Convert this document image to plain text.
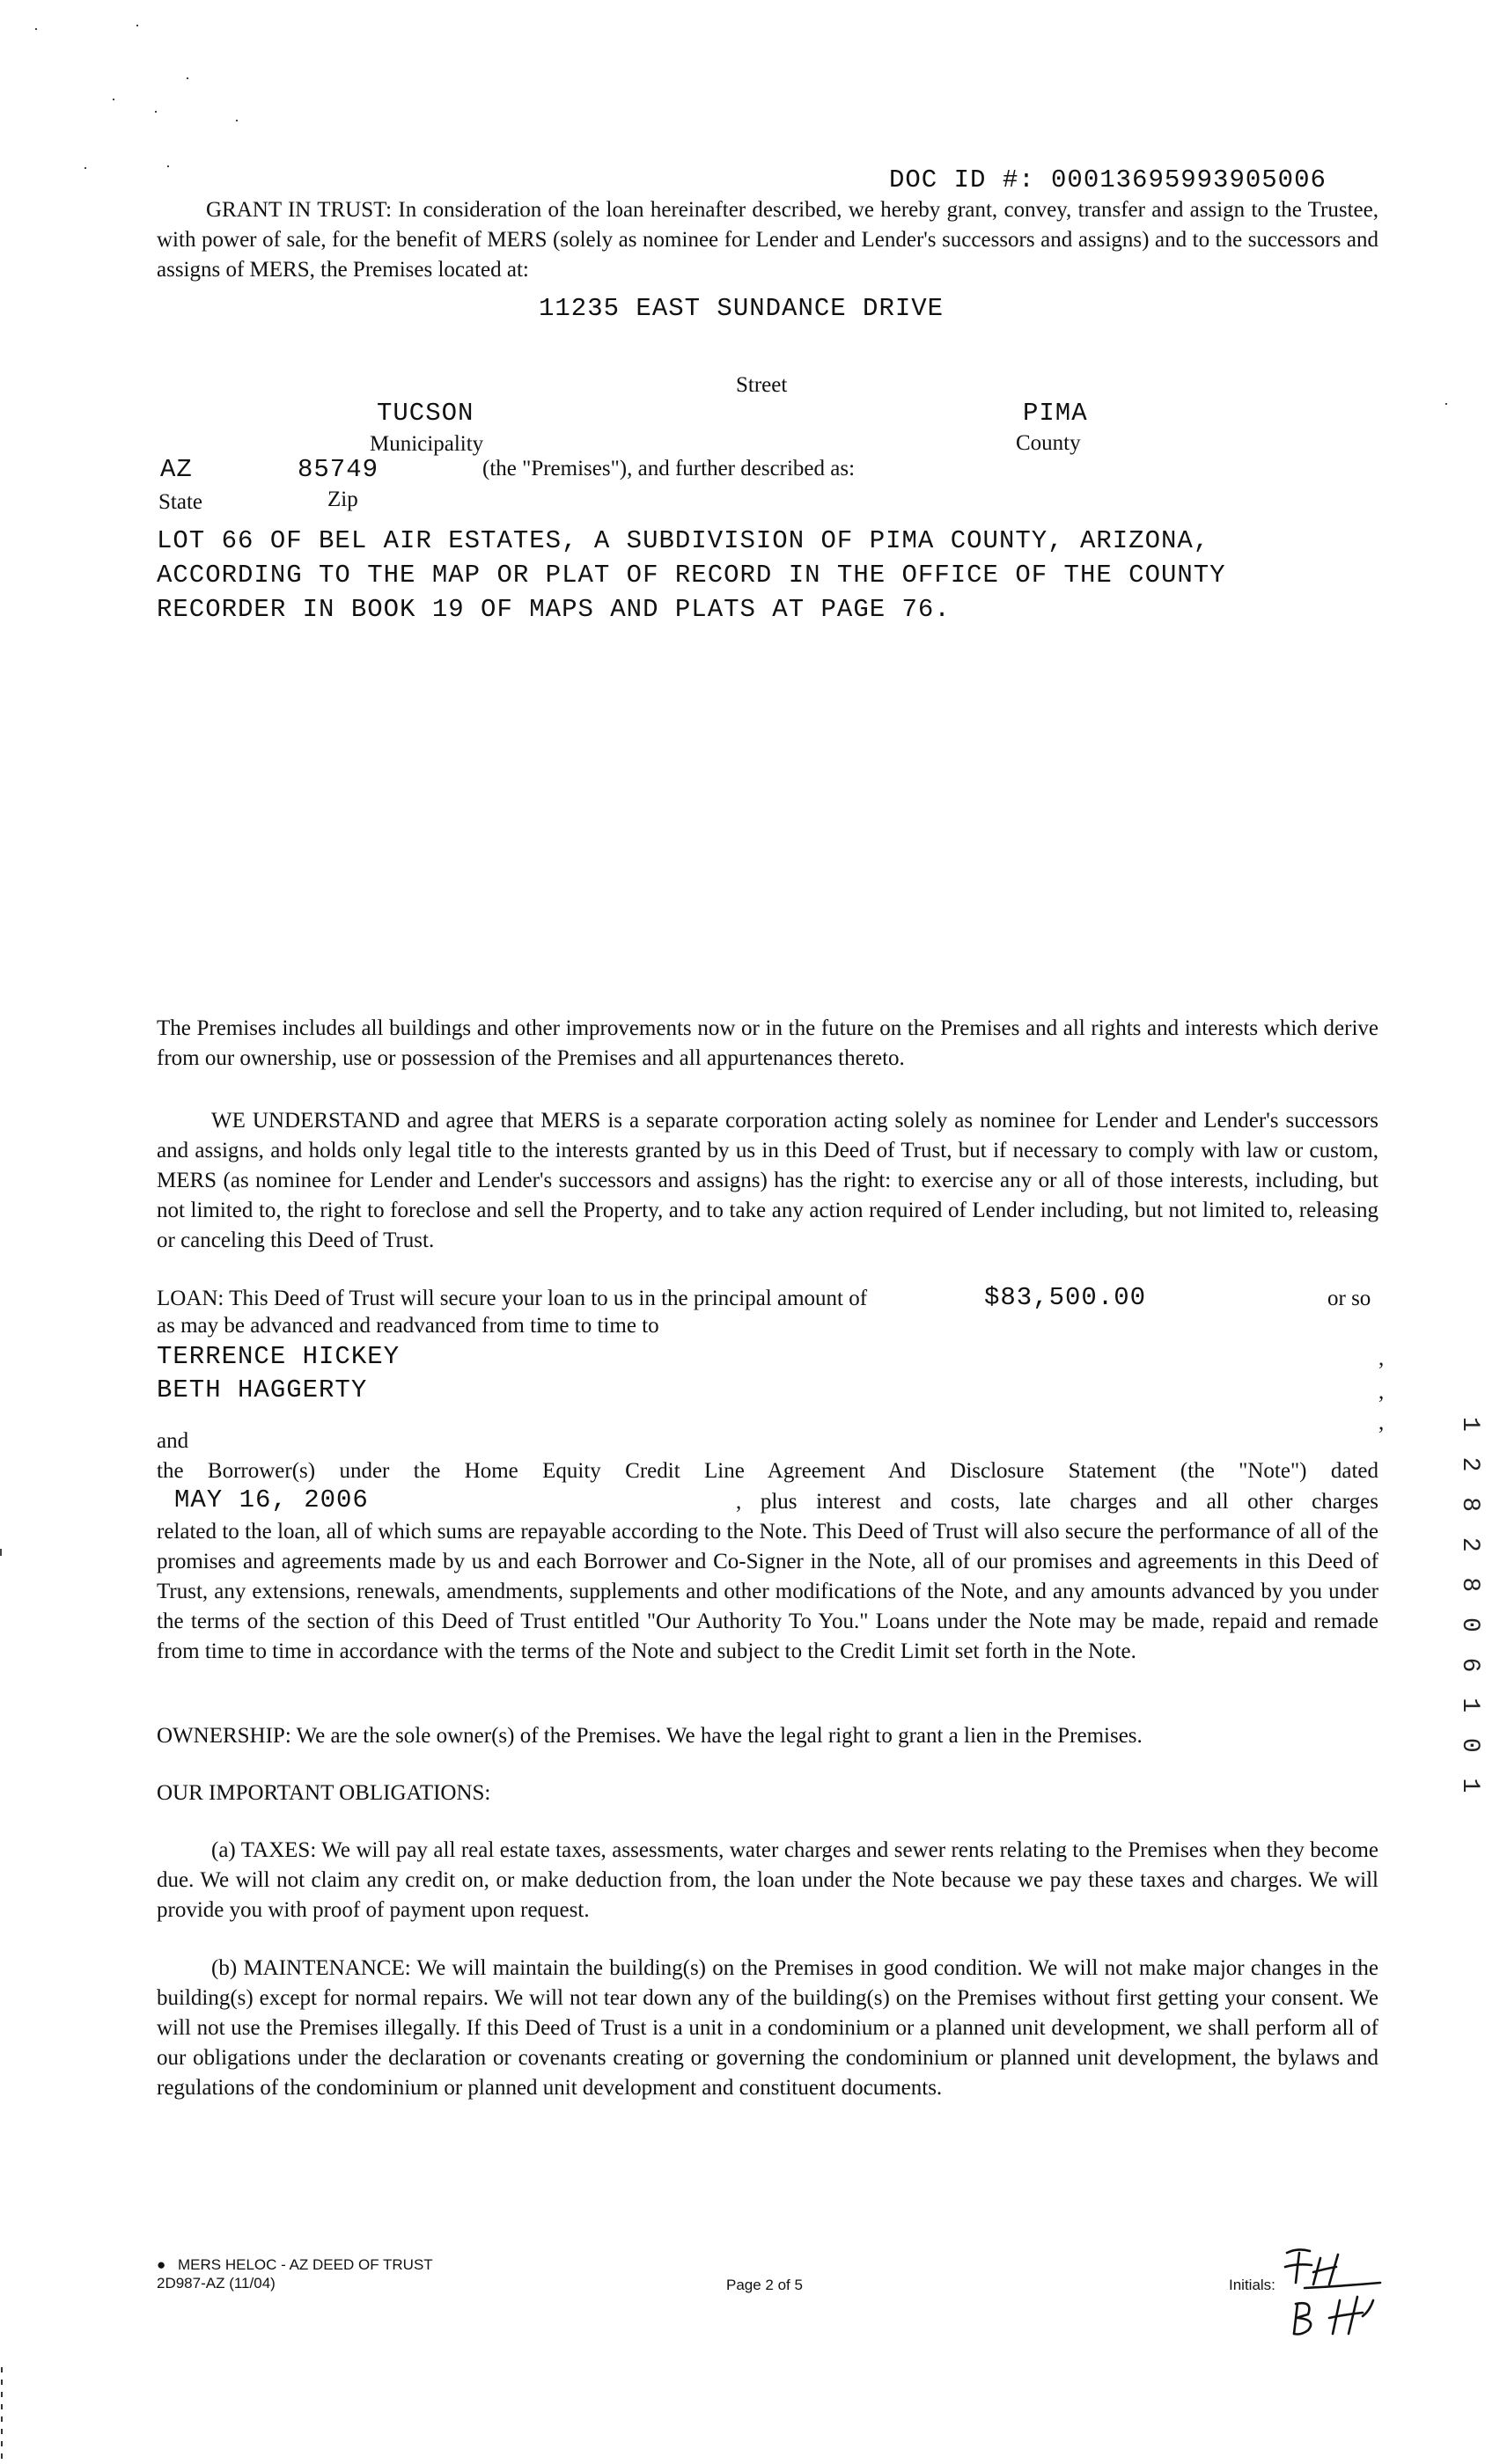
DOC ID #: 00013695993905006
GRANT IN TRUST: In consideration of the loan hereinafter described, we hereby grant, convey, transfer and assign to the Trustee, with power of sale, for the benefit of MERS (solely as nominee for Lender and Lender's successors and assigns) and to the successors and assigns of MERS, the Premises located at:
11235 EAST SUNDANCE DRIVE
Street
TUCSON
Municipality
PIMA
County
AZ	85749	(the "Premises"), and further described as:
State	Zip
LOT 66 OF BEL AIR ESTATES, A SUBDIVISION OF PIMA COUNTY, ARIZONA,
ACCORDING TO THE MAP OR PLAT OF RECORD IN THE OFFICE OF THE COUNTY
RECORDER IN BOOK 19 OF MAPS AND PLATS AT PAGE 76.
The Premises includes all buildings and other improvements now or in the future on the Premises and all rights and interests which derive from our ownership, use or possession of the Premises and all appurtenances thereto.
WE UNDERSTAND and agree that MERS is a separate corporation acting solely as nominee for Lender and Lender's successors and assigns, and holds only legal title to the interests granted by us in this Deed of Trust, but if necessary to comply with law or custom, MERS (as nominee for Lender and Lender's successors and assigns) has the right: to exercise any or all of those interests, including, but not limited to, the right to foreclose and sell the Property, and to take any action required of Lender including, but not limited to, releasing or canceling this Deed of Trust.
LOAN: This Deed of Trust will secure your loan to us in the principal amount of	$83,500.00	or so
as may be advanced and readvanced from time to time to
TERRENCE HICKEY	,
BETH HAGGERTY	,
,
and
the Borrower(s) under the Home Equity Credit Line Agreement And Disclosure Statement (the "Note") dated
MAY 16, 2006	, plus interest and costs, late charges and all other charges
related to the loan, all of which sums are repayable according to the Note. This Deed of Trust will also secure the performance of all of the promises and agreements made by us and each Borrower and Co-Signer in the Note, all of our promises and agreements in this Deed of Trust, any extensions, renewals, amendments, supplements and other modifications of the Note, and any amounts advanced by you under the terms of the section of this Deed of Trust entitled "Our Authority To You." Loans under the Note may be made, repaid and remade from time to time in accordance with the terms of the Note and subject to the Credit Limit set forth in the Note.
OWNERSHIP: We are the sole owner(s) of the Premises. We have the legal right to grant a lien in the Premises.
OUR IMPORTANT OBLIGATIONS:
(a) TAXES: We will pay all real estate taxes, assessments, water charges and sewer rents relating to the Premises when they become due. We will not claim any credit on, or make deduction from, the loan under the Note because we pay these taxes and charges. We will provide you with proof of payment upon request.
(b) MAINTENANCE: We will maintain the building(s) on the Premises in good condition. We will not make major changes in the building(s) except for normal repairs. We will not tear down any of the building(s) on the Premises without first getting your consent. We will not use the Premises illegally. If this Deed of Trust is a unit in a condominium or a planned unit development, we shall perform all of our obligations under the declaration or covenants creating or governing the condominium or planned unit development, the bylaws and regulations of the condominium or planned unit development and constituent documents.
● MERS HELOC - AZ DEED OF TRUST
2D987-AZ (11/04)	Page 2 of 5	Initials:
1 2 8 2 8 0 6 1 0 1
